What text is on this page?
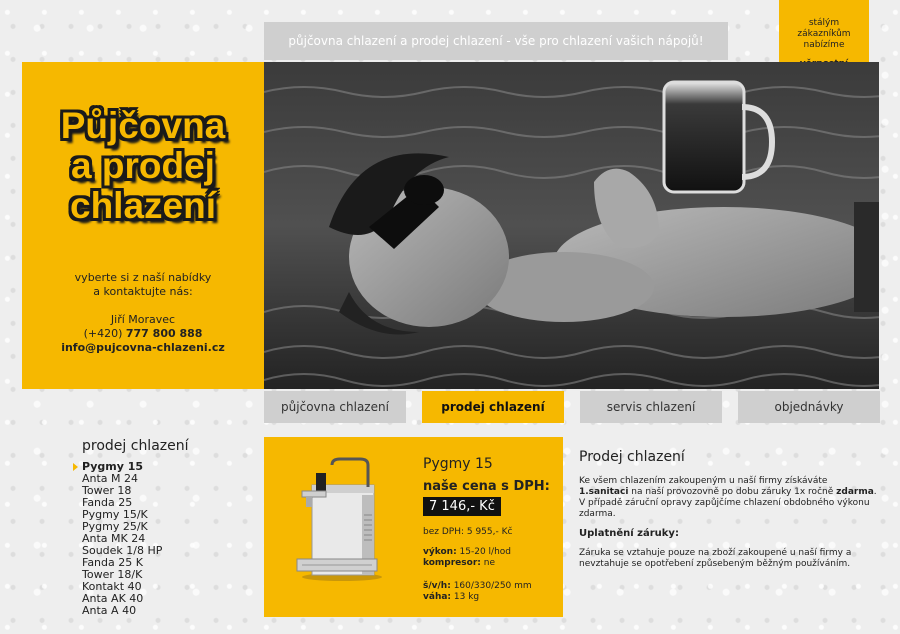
půjčovna chlazení a prodej chlazení - vše pro chlazení vašich nápojů!
stálým
zákazníkům
nabízíme
Půjčovna
a prodej
chlazení
vyberte si z naší nabídky
a kontaktujte nás:
Jiří Moravec
(+420) 777 800 888
info@pujcovna-chlazeni.cz
půjčovna chlazení	prodej chlazení	servis chlazení	objednávky
prodej chlazení
Pygmy 15
Anta M 24
Tower 18
Fanda 25
Pygmy 15/K
Pygmy 25/K
Anta MK 24
Soudek 1/8 HP
Fanda 25 K
Tower 18/K
Kontakt 40
Anta AK 40
Anta A 40
Pygmy 15
naše cena s DPH:
7 146,- Kč
bez DPH: 5 955,- Kč
výkon: 15-20 l/hod
kompresor: ne
š/v/h: 160/330/250 mm
váha: 13 kg
Prodej chlazení
Ke všem chlazením zakoupeným u naší firmy získáváte 1.sanitaci na naší provozovně po dobu záruky 1x ročně zdarma. V případě záruční opravy zapůjčíme chlazení obdobného výkonu zdarma.
Uplatnění záruky:
Záruka se vztahuje pouze na zboží zakoupené u naší firmy a nevztahuje se opotřebení způsebeným běžným používáním.
